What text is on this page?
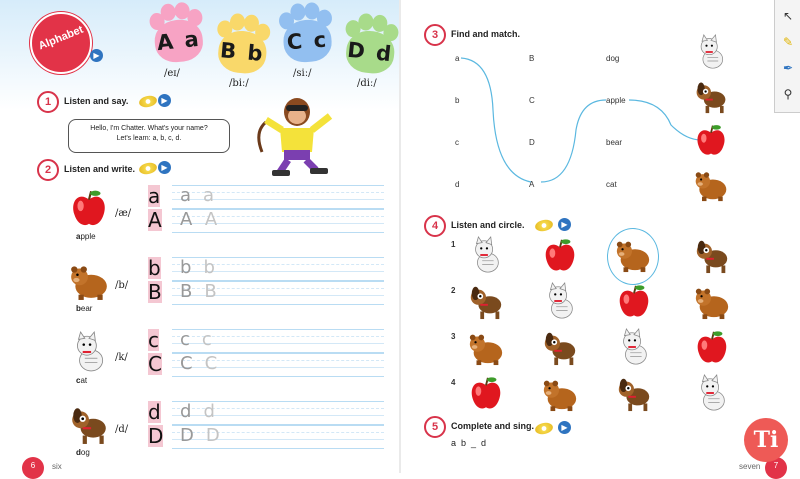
Alphabet
▶
A a
/eɪ/
B b
/biː/
C c
/siː/
D d
/diː/
1	Listen and say.	▶
Hello, I'm Chatter. What's your name?
Let's learn: a, b, c, d.
2	Listen and write.	▶
apple
/æ/
a aa
A AA
bear
/b/
b bb
B BB
cat
/k/
c cc
C CC
dog
/d/
d dd
D DD
6	six
3	Find and match.
a
b
c
d
B
C
D
A
dog
apple
bear
cat
4	Listen and circle.	▶
1
2
3
4
5	Complete and sing.	▶
a  b  _  d
7
seven
↖
✎
✒
⚲
Ti
